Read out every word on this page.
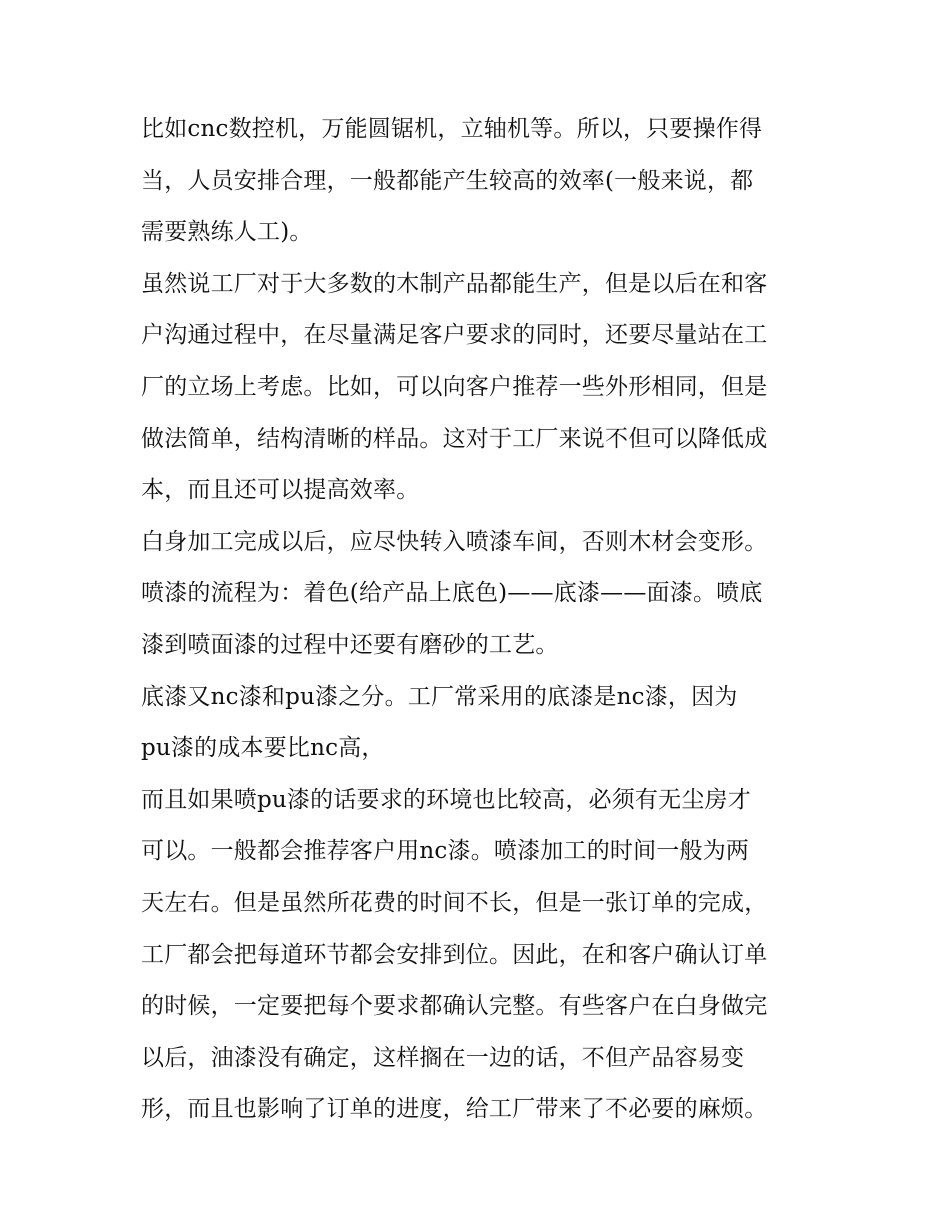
比如cnc数控机，万能圆锯机，立轴机等。所以，只要操作得
当，人员安排合理，一般都能产生较高的效率(一般来说，都
需要熟练人工)。

虽然说工厂对于大多数的木制产品都能生产，但是以后在和客
户沟通过程中，在尽量满足客户要求的同时，还要尽量站在工
厂的立场上考虑。比如，可以向客户推荐一些外形相同，但是
做法简单，结构清晰的样品。这对于工厂来说不但可以降低成
本，而且还可以提高效率。

白身加工完成以后，应尽快转入喷漆车间，否则木材会变形。
喷漆的流程为：着色(给产品上底色)——底漆——面漆。喷底
漆到喷面漆的过程中还要有磨砂的工艺。

底漆又nc漆和pu漆之分。工厂常采用的底漆是nc漆，因为
pu漆的成本要比nc高，

而且如果喷pu漆的话要求的环境也比较高，必须有无尘房才
可以。一般都会推荐客户用nc漆。喷漆加工的时间一般为两
天左右。但是虽然所花费的时间不长，但是一张订单的完成，
工厂都会把每道环节都会安排到位。因此，在和客户确认订单
的时候，一定要把每个要求都确认完整。有些客户在白身做完
以后，油漆没有确定，这样搁在一边的话，不但产品容易变
形，而且也影响了订单的进度，给工厂带来了不必要的麻烦。
